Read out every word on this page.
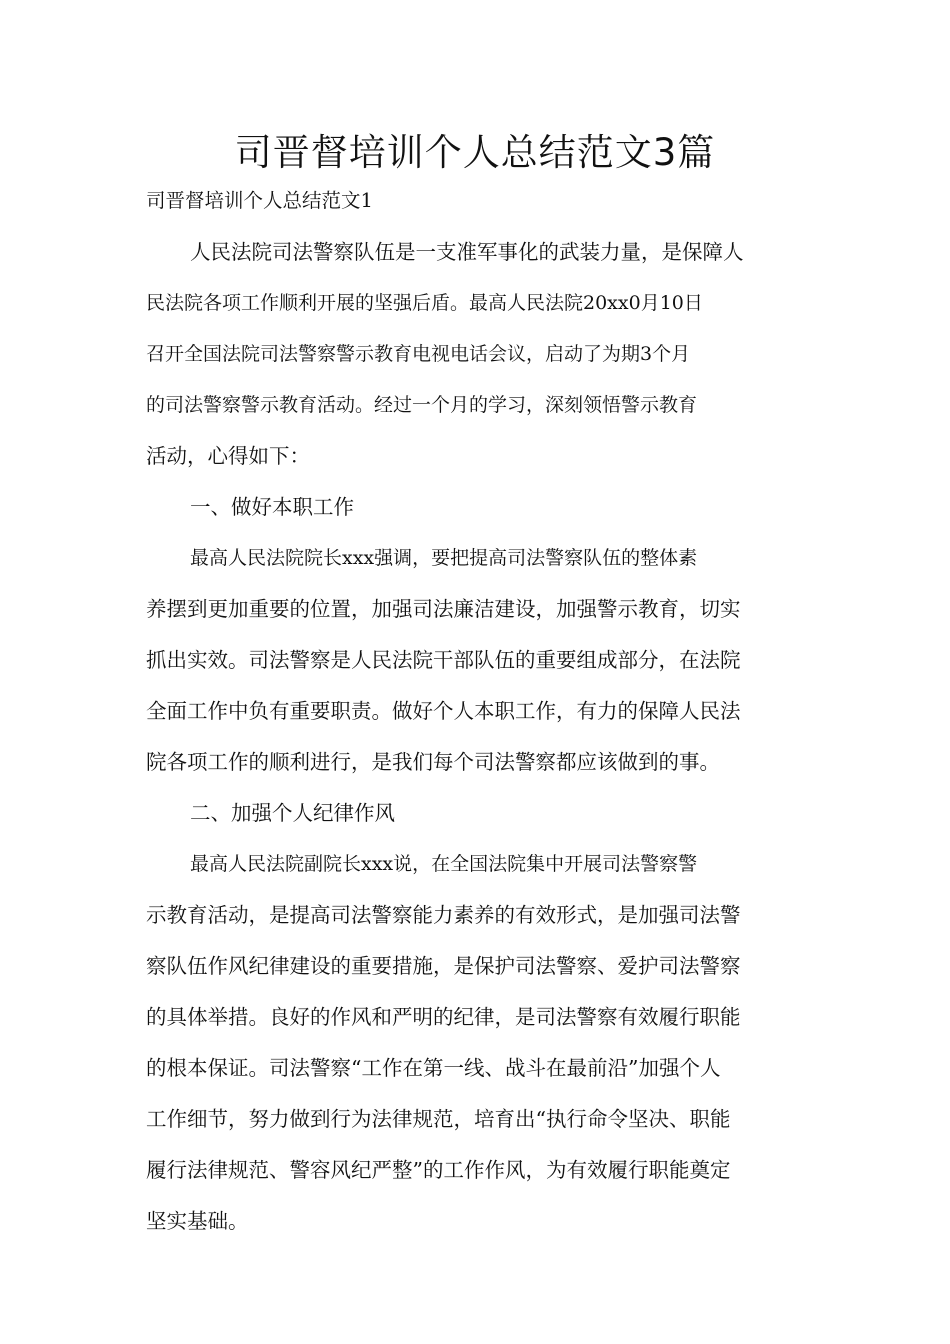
司晋督培训个人总结范文3篇
司晋督培训个人总结范文1
人民法院司法警察队伍是一支准军事化的武装力量，是保障人
民法院各项工作顺利开展的坚强后盾。最高人民法院20xx0月10日
召开全国法院司法警察警示教育电视电话会议，启动了为期3个月
的司法警察警示教育活动。经过一个月的学习，深刻领悟警示教育
活动，心得如下：
一、做好本职工作
最高人民法院院长xxx强调，要把提高司法警察队伍的整体素
养摆到更加重要的位置，加强司法廉洁建设，加强警示教育，切实
抓出实效。司法警察是人民法院干部队伍的重要组成部分，在法院
全面工作中负有重要职责。做好个人本职工作，有力的保障人民法
院各项工作的顺利进行，是我们每个司法警察都应该做到的事。
二、加强个人纪律作风
最高人民法院副院长xxx说，在全国法院集中开展司法警察警
示教育活动，是提高司法警察能力素养的有效形式，是加强司法警
察队伍作风纪律建设的重要措施，是保护司法警察、爱护司法警察
的具体举措。良好的作风和严明的纪律，是司法警察有效履行职能
的根本保证。司法警察“工作在第一线、战斗在最前沿”加强个人
工作细节，努力做到行为法律规范，培育出“执行命令坚决、职能
履行法律规范、警容风纪严整”的工作作风，为有效履行职能奠定
坚实基础。
